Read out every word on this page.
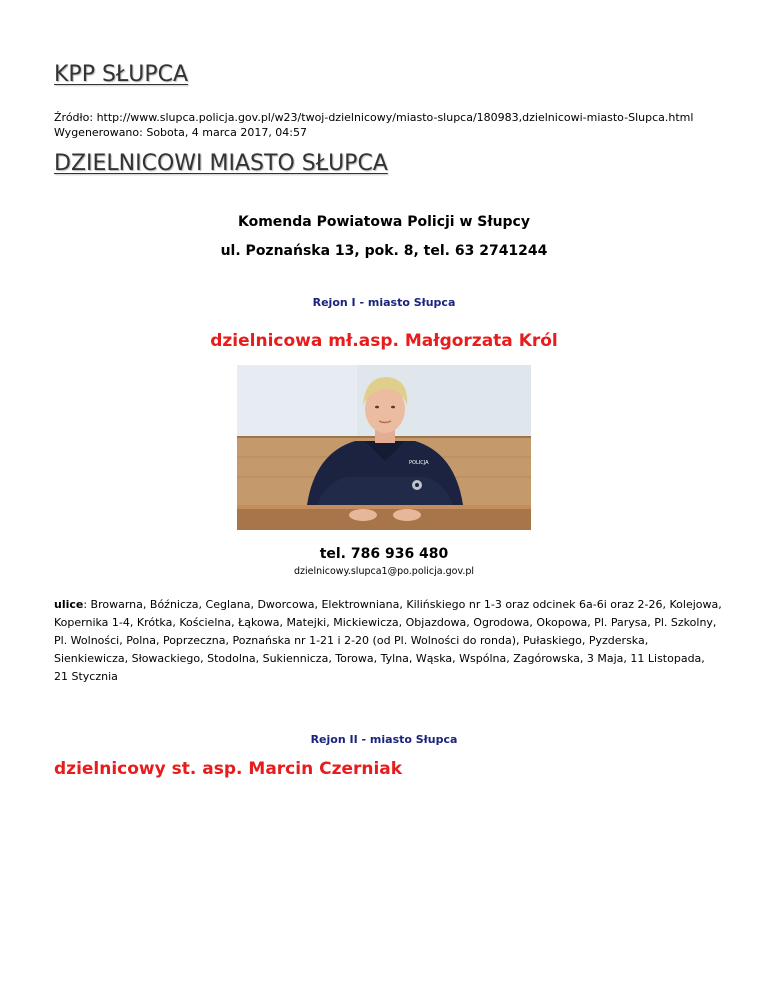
KPP SŁUPCA
Źródło: http://www.slupca.policja.gov.pl/w23/twoj-dzielnicowy/miasto-slupca/180983,dzielnicowi-miasto-Slupca.html
Wygenerowano: Sobota, 4 marca 2017, 04:57
DZIELNICOWI MIASTO SŁUPCA
Komenda Powiatowa Policji w Słupcy
ul. Poznańska 13, pok. 8, tel. 63 2741244
Rejon I - miasto Słupca
dzielnicowa mł.asp. Małgorzata Król
POLICJA
tel. 786 936 480
dzielnicowy.slupca1@po.policja.gov.pl
ulice: Browarna, Bóźnicza, Ceglana, Dworcowa, Elektrowniana, Kilińskiego nr 1-3 oraz odcinek 6a-6i oraz 2-26, Kolejowa, Kopernika 1-4, Krótka, Kościelna, Łąkowa, Matejki, Mickiewicza, Objazdowa, Ogrodowa, Okopowa, Pl. Parysa, Pl. Szkolny, Pl. Wolności, Polna, Poprzeczna, Poznańska nr 1-21 i 2-20 (od Pl. Wolności do ronda), Pułaskiego, Pyzderska, Sienkiewicza, Słowackiego, Stodolna, Sukiennicza, Torowa, Tylna, Wąska, Wspólna, Zagórowska, 3 Maja, 11 Listopada, 21 Stycznia
Rejon II - miasto Słupca
dzielnicowy st. asp. Marcin Czerniak
